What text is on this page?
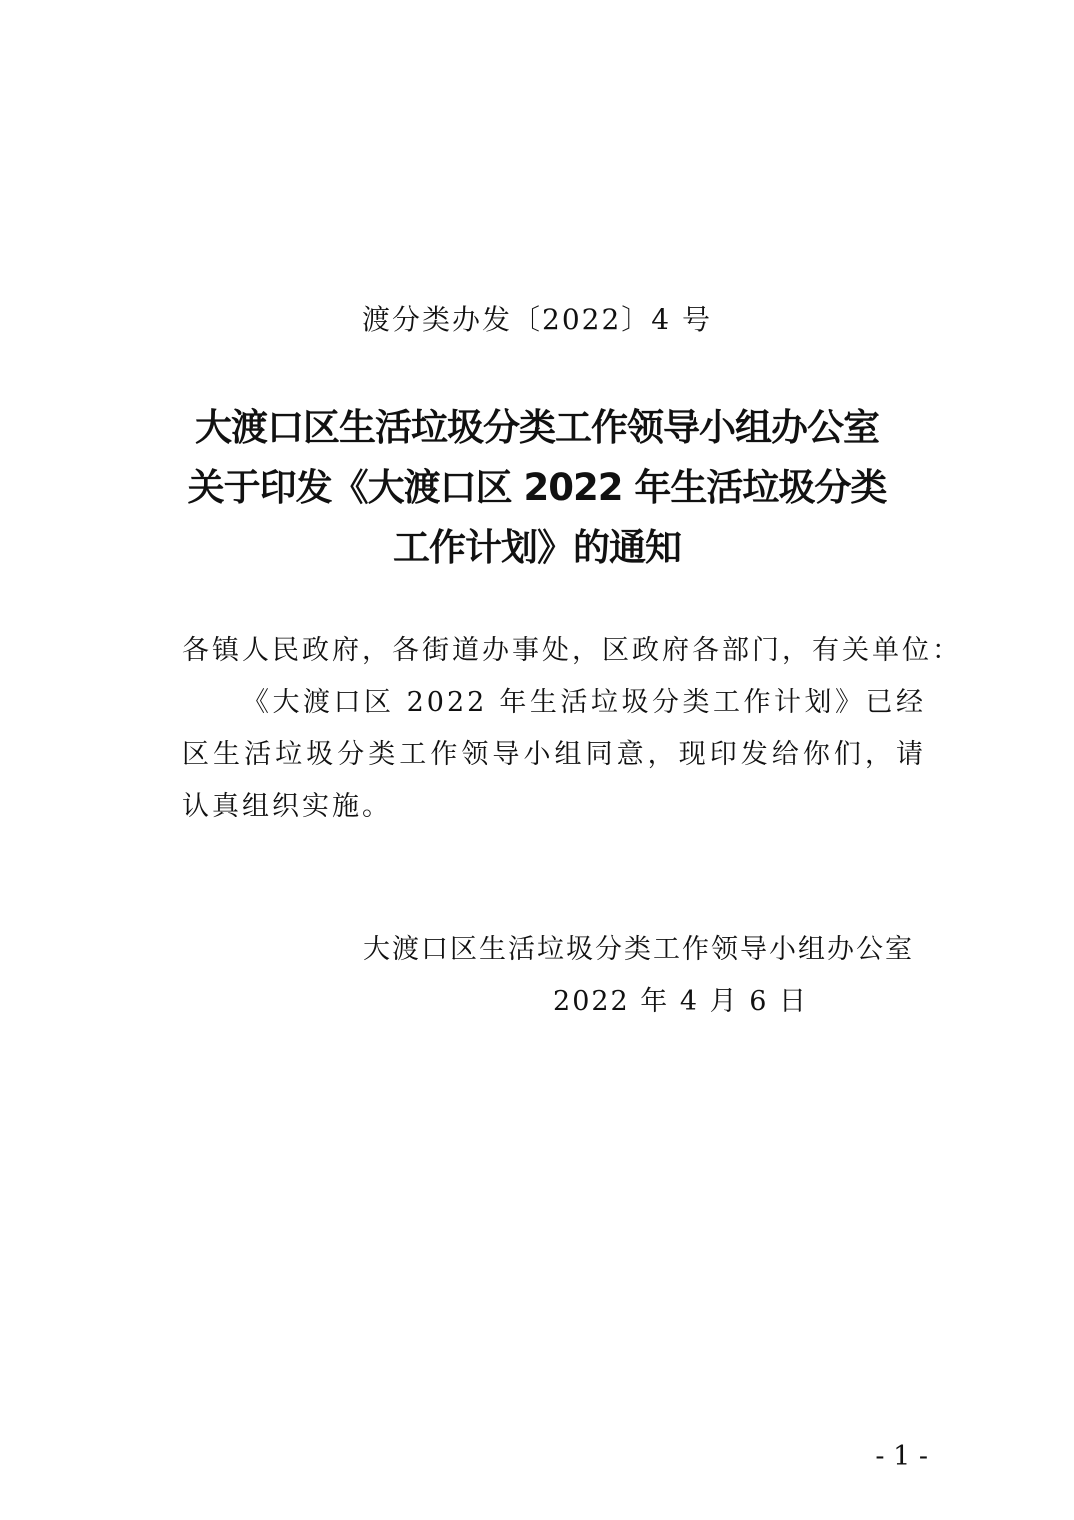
渡分类办发〔2022〕4 号
大渡口区生活垃圾分类工作领导小组办公室
关于印发《大渡口区 2022 年生活垃圾分类
工作计划》的通知
各镇人民政府，各街道办事处，区政府各部门，有关单位：
《大渡口区 2022 年生活垃圾分类工作计划》已经区生活垃圾分类工作领导小组同意，现印发给你们，请认真组织实施。
大渡口区生活垃圾分类工作领导小组办公室
2022 年 4 月 6 日
- 1 -
